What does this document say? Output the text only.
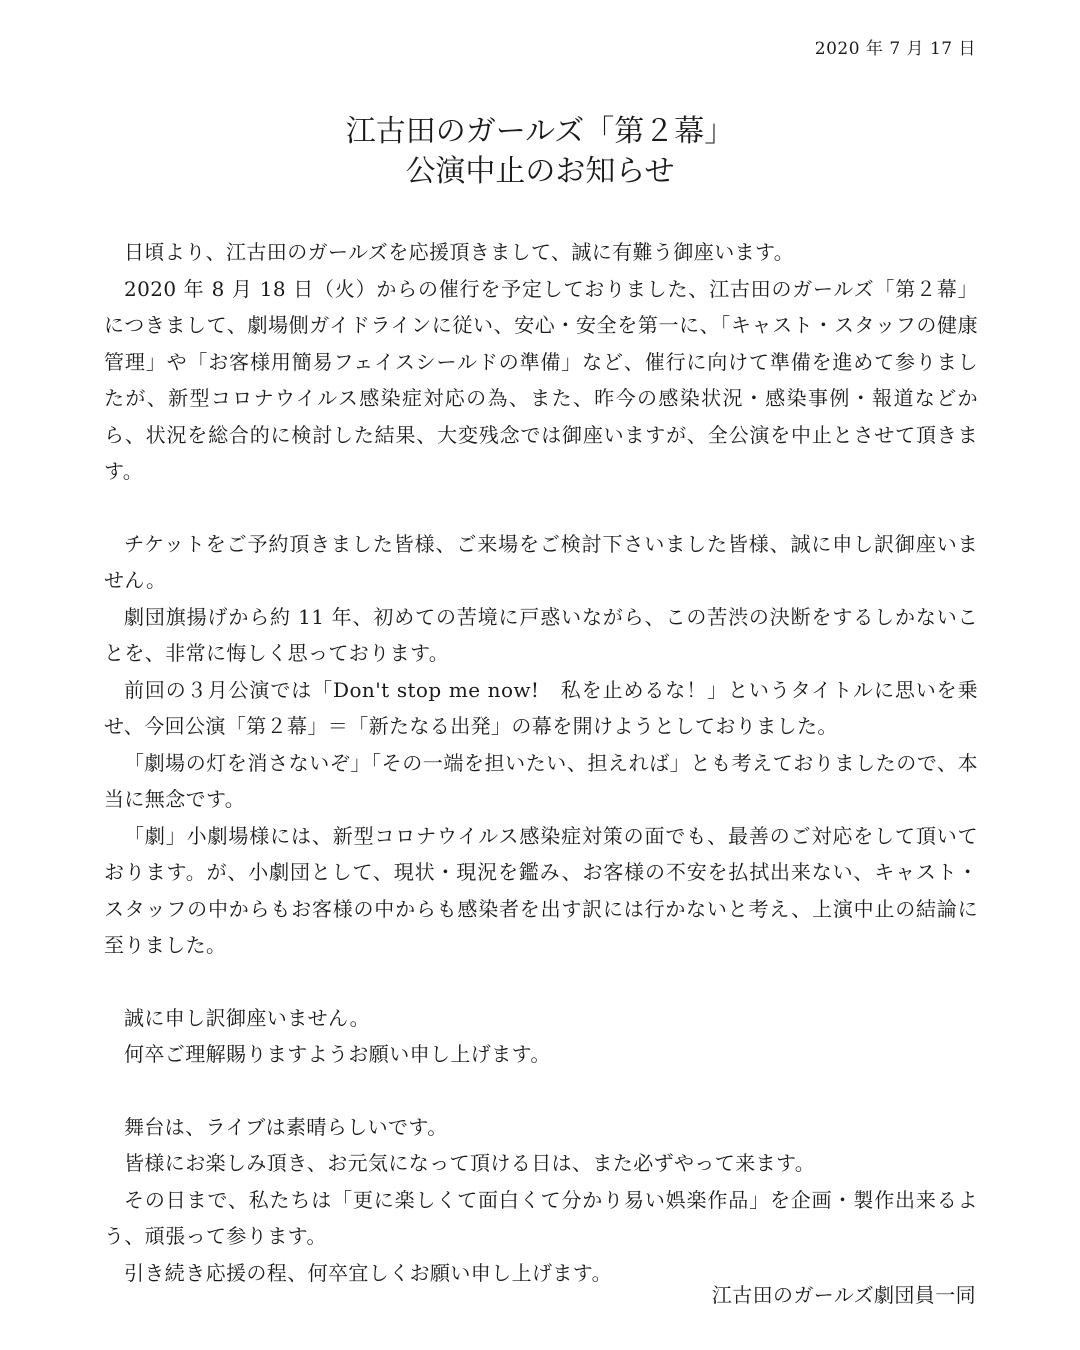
2020 年 7 月 17 日
江古田のガールズ「第２幕」
公演中止のお知らせ

日頃より、江古田のガールズを応援頂きまして、誠に有難う御座います。

2020 年 8 月 18 日（火）からの催行を予定しておりました、江古田のガールズ「第２幕」につきまして、劇場側ガイドラインに従い、安心・安全を第一に、「キャスト・スタッフの健康管理」や「お客様用簡易フェイスシールドの準備」など、催行に向けて準備を進めて参りましたが、新型コロナウイルス感染症対応の為、また、昨今の感染状況・感染事例・報道などから、状況を総合的に検討した結果、大変残念では御座いますが、全公演を中止とさせて頂きます。

チケットをご予約頂きました皆様、ご来場をご検討下さいました皆様、誠に申し訳御座いません。

劇団旗揚げから約 11 年、初めての苦境に戸惑いながら、この苦渋の決断をするしかないことを、非常に悔しく思っております。

前回の３月公演では「Don't stop me now!　私を止めるな！」というタイトルに思いを乗せ、今回公演「第２幕」＝「新たなる出発」の幕を開けようとしておりました。

「劇場の灯を消さないぞ」「その一端を担いたい、担えれば」とも考えておりましたので、本当に無念です。

「劇」小劇場様には、新型コロナウイルス感染症対策の面でも、最善のご対応をして頂いております。が、小劇団として、現状・現況を鑑み、お客様の不安を払拭出来ない、キャスト・スタッフの中からもお客様の中からも感染者を出す訳には行かないと考え、上演中止の結論に至りました。

誠に申し訳御座いません。

何卒ご理解賜りますようお願い申し上げます。

舞台は、ライブは素晴らしいです。

皆様にお楽しみ頂き、お元気になって頂ける日は、また必ずやって来ます。

その日まで、私たちは「更に楽しくて面白くて分かり易い娯楽作品」を企画・製作出来るよう、頑張って参ります。

引き続き応援の程、何卒宜しくお願い申し上げます。

江古田のガールズ劇団員一同
